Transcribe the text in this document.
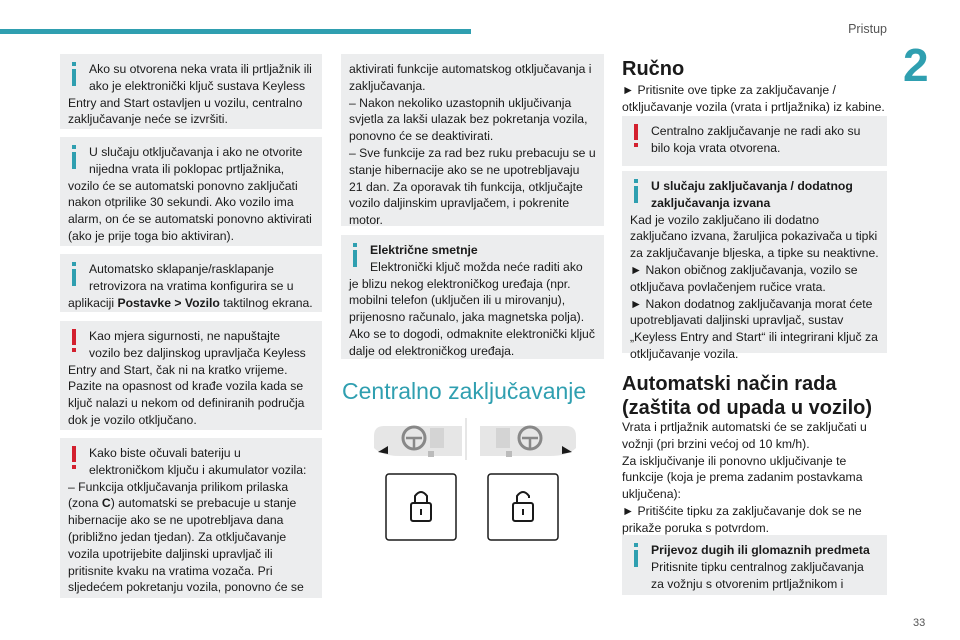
Pristup
2
33

Ako su otvorena neka vrata ili prtljažnik ili ako je elektronički ključ sustava Keyless
Entry and Start ostavljen u vozilu, centralno zaključavanje neće se izvršiti.

U slučaju otključavanja i ako ne otvorite nijedna vrata ili poklopac prtljažnika,
vozilo će se automatski ponovno zaključati nakon otprilike 30 sekundi. Ako vozilo ima alarm, on će se automatski ponovno aktivirati (ako je prije toga bio aktiviran).

Automatsko sklapanje/rasklapanje retrovizora na vratima konfigurira se u
aplikaciji Postavke > Vozilo taktilnog ekrana.

Kao mjera sigurnosti, ne napuštajte vozilo bez daljinskog upravljača Keyless
Entry and Start, čak ni na kratko vrijeme. Pazite na opasnost od krađe vozila kada se ključ nalazi u nekom od definiranih područja dok je vozilo otključano.

Kako biste očuvali bateriju u elektroničkom ključu i akumulator vozila:
– Funkcija otključavanja prilikom prilaska (zona C) automatski se prebacuje u stanje hibernacije ako se ne upotrebljava dana (približno jedan tjedan). Za otključavanje vozila upotrijebite daljinski upravljač ili pritisnite kvaku na vratima vozača. Pri sljedećem pokretanju vozila, ponovno će se

aktivirati funkcije automatskog otključavanja i zaključavanja.
– Nakon nekoliko uzastopnih uključivanja svjetla za lakši ulazak bez pokretanja vozila, ponovno će se deaktivirati.
– Sve funkcije za rad bez ruku prebacuju se u stanje hibernacije ako se ne upotrebljavaju 21 dan. Za oporavak tih funkcija, otključajte vozilo daljinskim upravljačem, i pokrenite motor.

Električne smetnje
Elektronički ključ možda neće raditi ako
je blizu nekog elektroničkog uređaja (npr. mobilni telefon (uključen ili u mirovanju), prijenosno računalo, jaka magnetska polja). Ako se to dogodi, odmaknite elektronički ključ dalje od elektroničkog uređaja.

Centralno zaključavanje
Ručno
► Pritisnite ove tipke za zaključavanje / otključavanje vozila (vrata i prtljažnika) iz kabine.

Centralno zaključavanje ne radi ako su bilo koja vrata otvorena.

U slučaju zaključavanja / dodatnog zaključavanja izvana
Kad je vozilo zaključano ili dodatno zaključano izvana, žaruljica pokazivača u tipki za zaključavanje bljeska, a tipke su neaktivne.
► Nakon običnog zaključavanja, vozilo se otključava povlačenjem ručice vrata.
► Nakon dodatnog zaključavanja morat ćete upotrebljavati daljinski upravljač, sustav „Keyless Entry and Start“ ili integrirani ključ za otključavanje vozila.

Automatski način rada (zaštita od upada u vozilo)
Vrata i prtljažnik automatski će se zaključati u vožnji (pri brzini većoj od 10 km/h).
Za isključivanje ili ponovno uključivanje te funkcije (koja je prema zadanim postavkama uključena):
► Pritišćite tipku za zaključavanje dok se ne prikaže poruka s potvrdom.

Prijevoz dugih ili glomaznih predmeta
Pritisnite tipku centralnog zaključavanja za vožnju s otvorenim prtljažnikom i
